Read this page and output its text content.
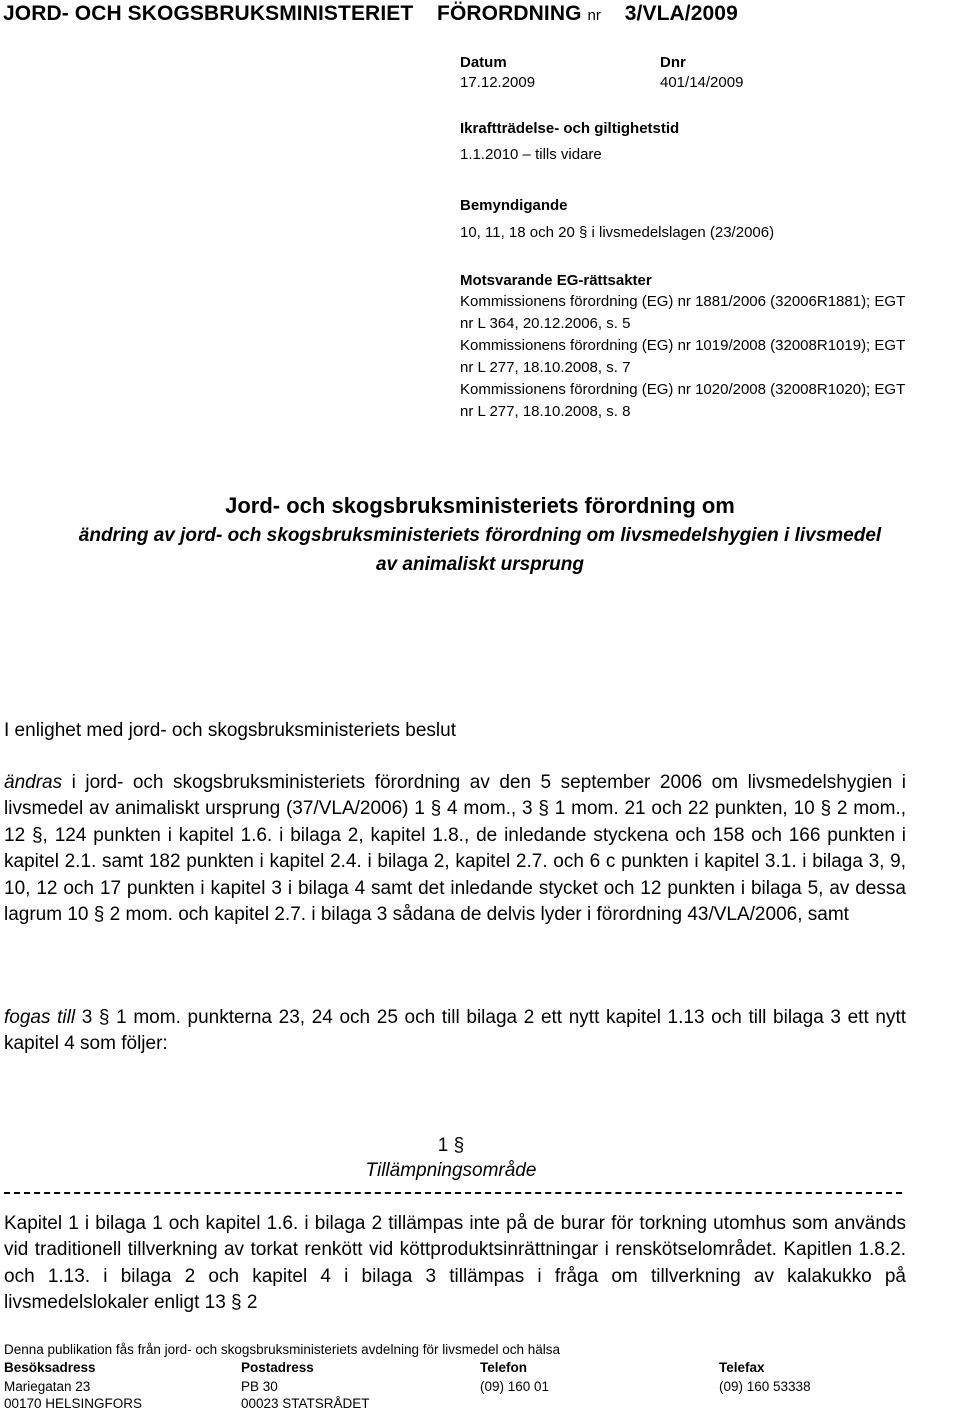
JORD- OCH SKOGSBRUKSMINISTERIET FÖRORDNING nr 3/VLA/2009
Datum
17.12.2009
Dnr
401/14/2009
Ikraftträdelse- och giltighetstid
1.1.2010 – tills vidare
Bemyndigande
10, 11, 18 och 20 § i livsmedelslagen (23/2006)
Motsvarande EG-rättsakter
Kommissionens förordning (EG) nr 1881/2006 (32006R1881); EGT
nr L 364, 20.12.2006, s. 5
Kommissionens förordning (EG) nr 1019/2008 (32008R1019); EGT
nr L 277, 18.10.2008, s. 7
Kommissionens förordning (EG) nr 1020/2008 (32008R1020); EGT
nr L 277, 18.10.2008, s. 8
Jord- och skogsbruksministeriets förordning om
ändring av jord- och skogsbruksministeriets förordning om livsmedelshygien i livsmedel
av animaliskt ursprung
I enlighet med jord- och skogsbruksministeriets beslut
ändras i jord- och skogsbruksministeriets förordning av den 5 september 2006 om livsmedelshygien i livsmedel av animaliskt ursprung (37/VLA/2006) 1 § 4 mom., 3 § 1 mom. 21 och 22 punkten, 10 § 2 mom., 12 §, 124 punkten i kapitel 1.6. i bilaga 2, kapitel 1.8., de inledande styckena och 158 och 166 punkten i kapitel 2.1. samt 182 punkten i kapitel 2.4. i bilaga 2, kapitel 2.7. och 6 c punkten i kapitel 3.1. i bilaga 3, 9, 10, 12 och 17 punkten i kapitel 3 i bilaga 4 samt det inledande stycket och 12 punkten i bilaga 5, av dessa lagrum 10 § 2 mom. och kapitel 2.7. i bilaga 3 sådana de delvis lyder i förordning 43/VLA/2006, samt
fogas till 3 § 1 mom. punkterna 23, 24 och 25 och till bilaga 2 ett nytt kapitel 1.13 och till bilaga 3 ett nytt kapitel 4 som följer:
1 §
Tillämpningsområde
Kapitel 1 i bilaga 1 och kapitel 1.6. i bilaga 2 tillämpas inte på de burar för torkning utomhus som används vid traditionell tillverkning av torkat renkött vid köttproduktsinrättningar i renskötselområdet. Kapitlen 1.8.2. och 1.13. i bilaga 2 och kapitel 4 i bilaga 3 tillämpas i fråga om tillverkning av kalakukko på livsmedelslokaler enligt 13 § 2
Denna publikation fås från jord- och skogsbruksministeriets avdelning för livsmedel och hälsa
Besöksadress
Mariegatan 23
00170 HELSINGFORS
Postadress
PB 30
00023 STATSRÅDET
Telefon
(09) 160 01
Telefax
(09) 160 53338
